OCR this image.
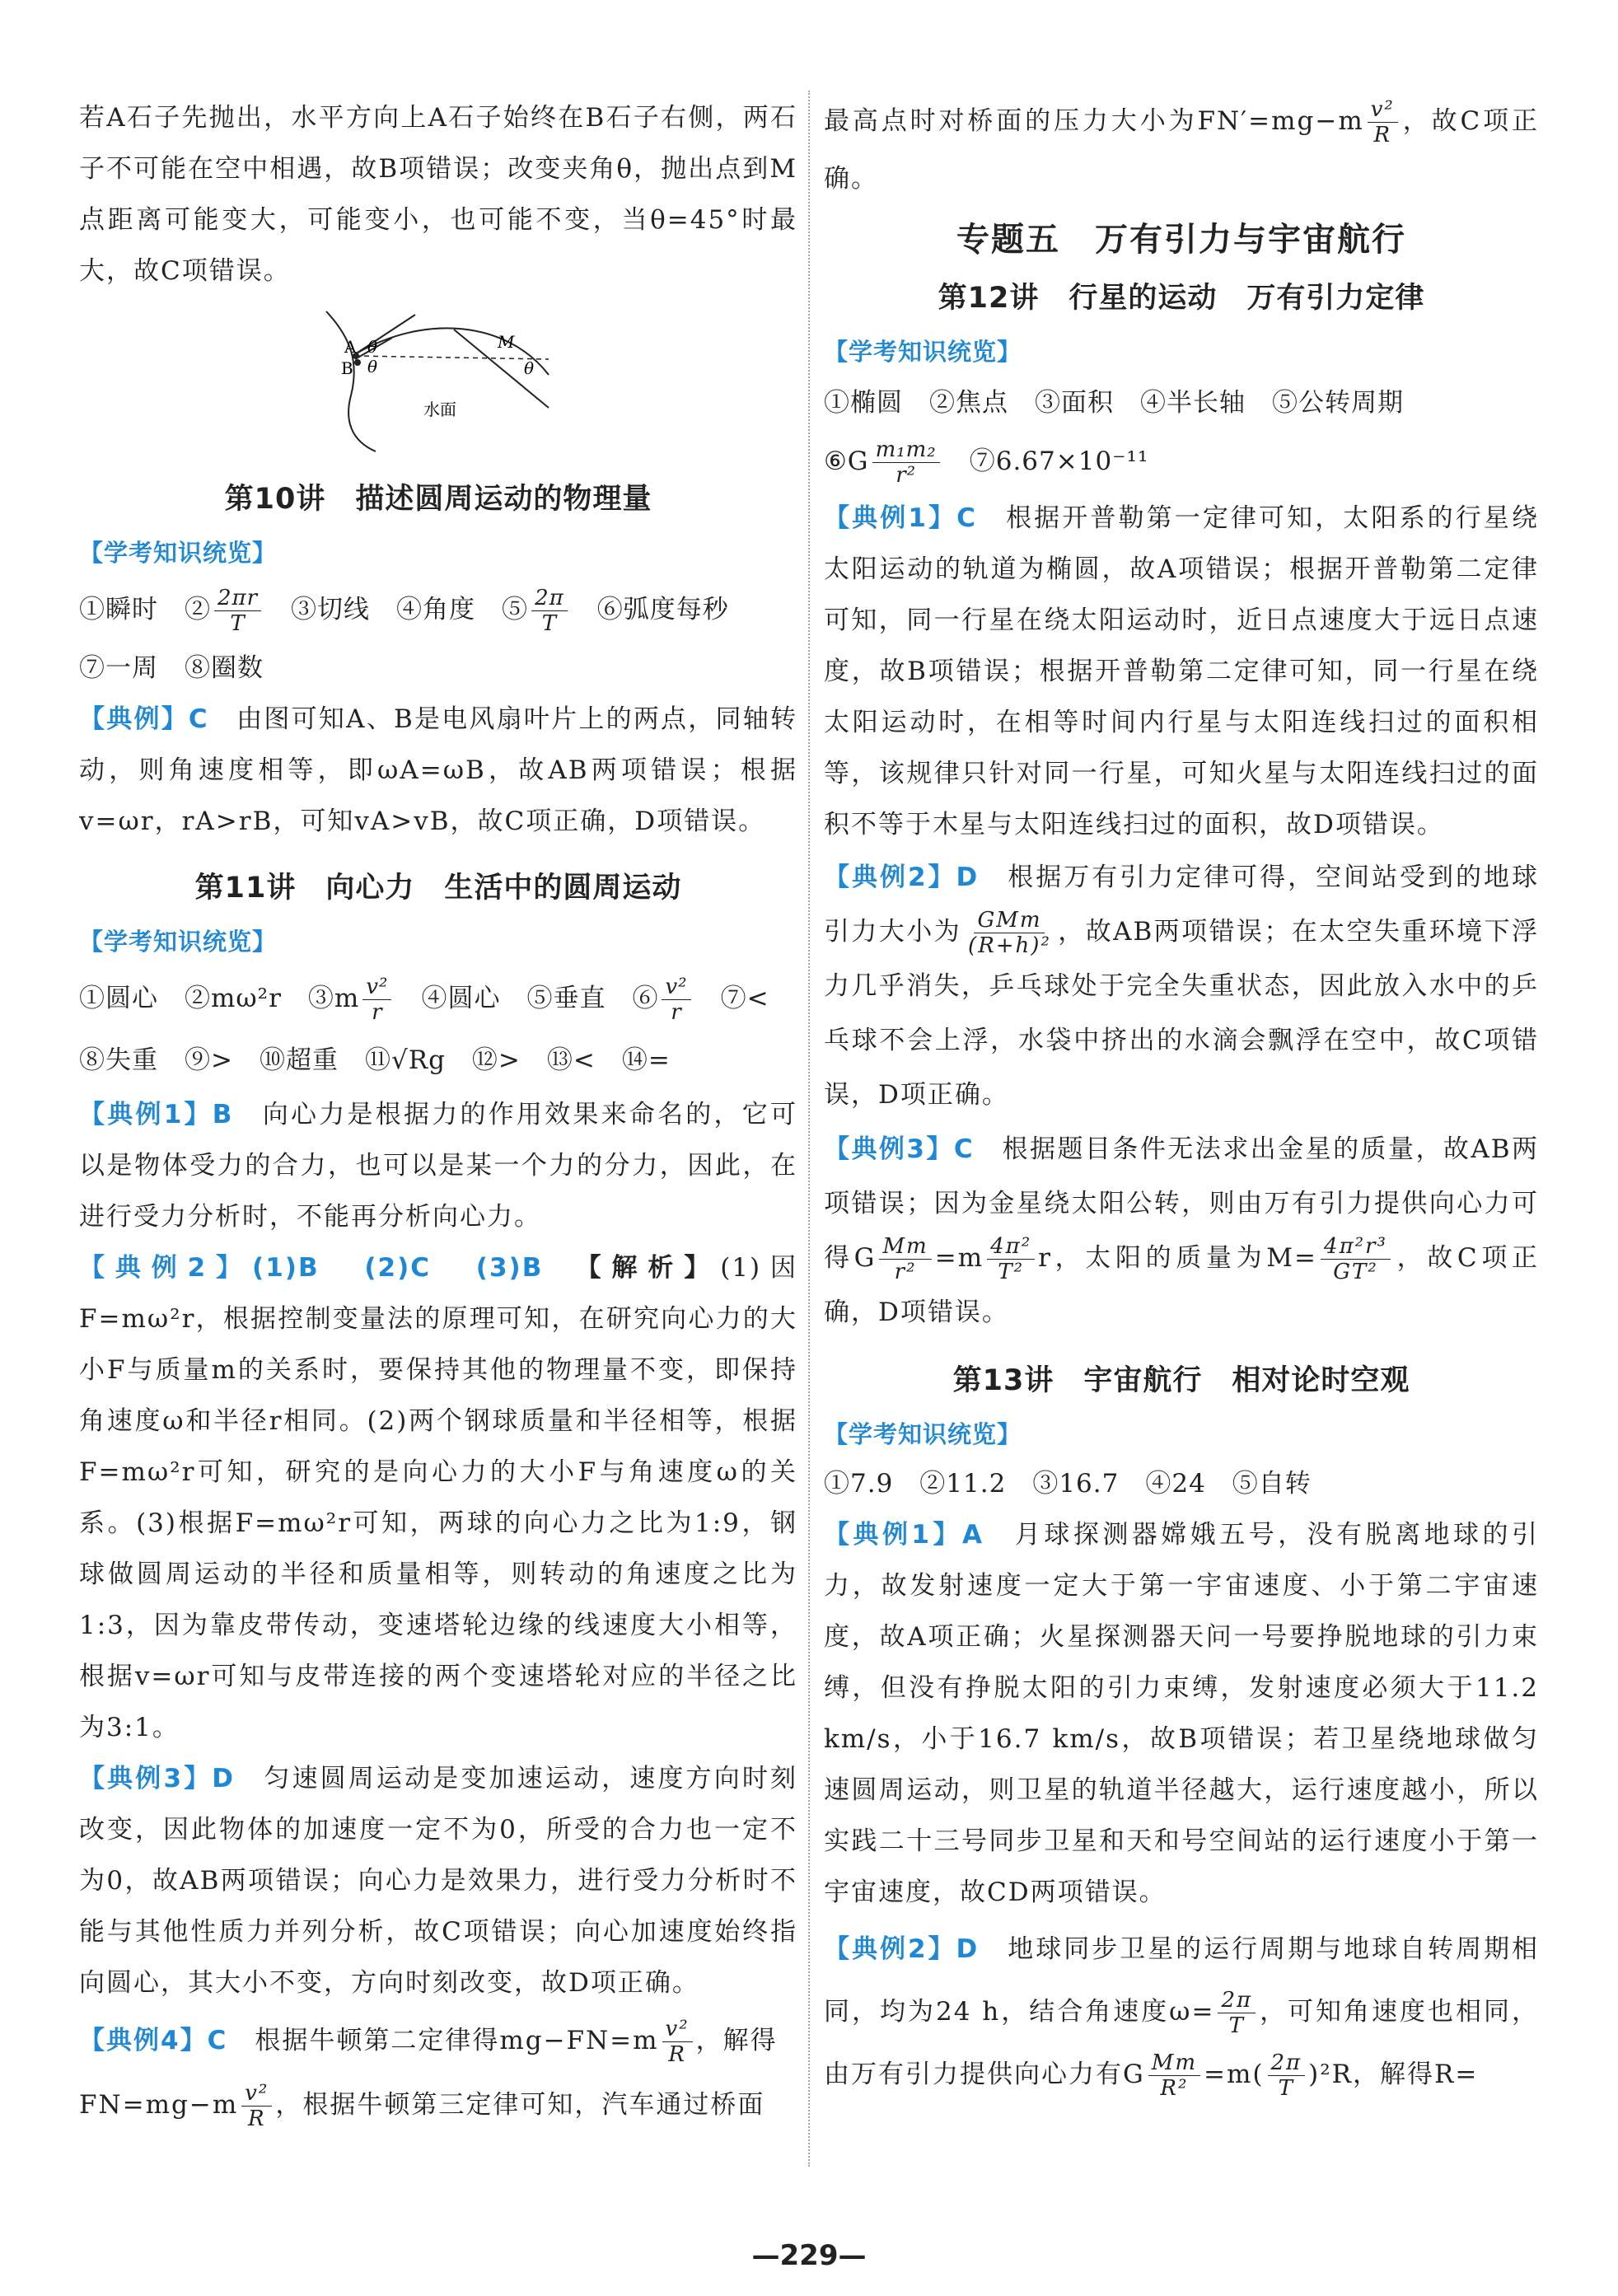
若A石子先抛出，水平方向上A石子始终在B石子右侧，两石子不可能在空中相遇，故B项错误；改变夹角θ，抛出点到M点距离可能变大，可能变小，也可能不变，当θ=45°时最大，故C项错误。

A
B
θ
θ
M
θ
水面
第10讲　描述圆周运动的物理量
【学考知识统览】

①瞬时　② $\frac{2\pi r}{T}$ 　③切线　④角度　⑤ $\frac{2\pi}{T}$ 　⑥弧度每秒

⑦一周　⑧圈数

【典例】C　 由图可知A、B是电风扇叶片上的两点，同轴转动，则角速度相等，即ωA=ωB，故AB两项错误；根据v=ωr，rA>rB，可知vA>vB，故C项正确，D项错误。

第11讲　向心力　生活中的圆周运动
【学考知识统览】

①圆心　②mω²r　③m $\frac{\text{v²}}{r}$ 　④圆心　⑤垂直　⑥ $\frac{\text{v²}}{r}$ 　⑦<

⑧失重　⑨>　⑩超重　⑪√Rg　⑫>　⑬<　⑭=

【典例1】B　 向心力是根据力的作用效果来命名的，它可以是物体受力的合力，也可以是某一个力的分力，因此，在进行受力分析时，不能再分析向心力。

【典例2】(1)B　(2)C　(3)B　 【解析】(1)因F=mω²r，根据控制变量法的原理可知，在研究向心力的大小F与质量m的关系时，要保持其他的物理量不变，即保持角速度ω和半径r相同。(2)两个钢球质量和半径相等，根据F=mω²r可知，研究的是向心力的大小F与角速度ω的关系。(3)根据F=mω²r可知，两球的向心力之比为1:9，钢球做圆周运动的半径和质量相等，则转动的角速度之比为1:3，因为靠皮带传动，变速塔轮边缘的线速度大小相等，根据v=ωr可知与皮带连接的两个变速塔轮对应的半径之比为3:1。

【典例3】D　 匀速圆周运动是变加速运动，速度方向时刻改变，因此物体的加速度一定不为0，所受的合力也一定不为0，故AB两项错误；向心力是效果力，进行受力分析时不能与其他性质力并列分析，故C项错误；向心加速度始终指向圆心，其大小不变，方向时刻改变，故D项正确。

【典例4】C　 根据牛顿第二定律得$mg-FN=m \frac{\text{v²}}{R}$ ，解得
$FN=mg-m \frac{\text{v²}}{R}$ ，根据牛顿第三定律可知，汽车通过桥面

最高点时对桥面的压力大小为$FN'=mg-m \frac{\text{v²}}{R}$ ，故C项正确。

专题五　万有引力与宇宙航行
第12讲　行星的运动　万有引力定律
【学考知识统览】

①椭圆　②焦点　③面积　④半长轴　⑤公转周期

⑥G $\frac{\text{m₁m₂}}{\text{r²}}$ 　⑦6.67×10⁻¹¹

【典例1】C　 根据开普勒第一定律可知，太阳系的行星绕太阳运动的轨道为椭圆，故A项错误；根据开普勒第二定律可知，同一行星在绕太阳运动时，近日点速度大于远日点速度，故B项错误；根据开普勒第二定律可知，同一行星在绕太阳运动时，在相等时间内行星与太阳连线扫过的面积相等，该规律只针对同一行星，可知火星与太阳连线扫过的面积不等于木星与太阳连线扫过的面积，故D项错误。

【典例2】D　 根据万有引力定律可得，空间站受到的地球引力大小为 $\frac{\text{GMm}}{\text{(R+h)²}}$ ，故AB两项错误；在太空失重环境下浮力几乎消失，乒乓球处于完全失重状态，因此放入水中的乒乓球不会上浮，水袋中挤出的水滴会飘浮在空中，故C项错误，D项正确。

【典例3】C　 根据题目条件无法求出金星的质量，故AB两项错误；因为金星绕太阳公转，则由万有引力提供向心力可得G $\frac{Mm}{\text{r²}} =m \frac{\text{4π²}}{\text{T²}}$ r，太阳的质量为$M= \frac{\text{4π²r³}}{\text{GT²}}$ ，故C项正确，D项错误。

第13讲　宇宙航行　相对论时空观
【学考知识统览】

①7.9　②11.2　③16.7　④24　⑤自转

【典例1】A　 月球探测器嫦娥五号，没有脱离地球的引力，故发射速度一定大于第一宇宙速度、小于第二宇宙速度，故A项正确；火星探测器天问一号要挣脱地球的引力束缚，但没有挣脱太阳的引力束缚，发射速度必须大于11.2 km/s，小于16.7 km/s，故B项错误；若卫星绕地球做匀速圆周运动，则卫星的轨道半径越大，运行速度越小，所以实践二十三号同步卫星和天和号空间站的运行速度小于第一宇宙速度，故CD两项错误。

【典例2】D　 地球同步卫星的运行周期与地球自转周期相同，均为24 h，结合角速度$\omega= \frac{2\pi}{T}$ ，可知角速度也相同，由万有引力提供向心力有G $\frac{Mm}{\text{R²}} =m( \frac{2\pi}{T} )^2R$，解得R=

—229—
